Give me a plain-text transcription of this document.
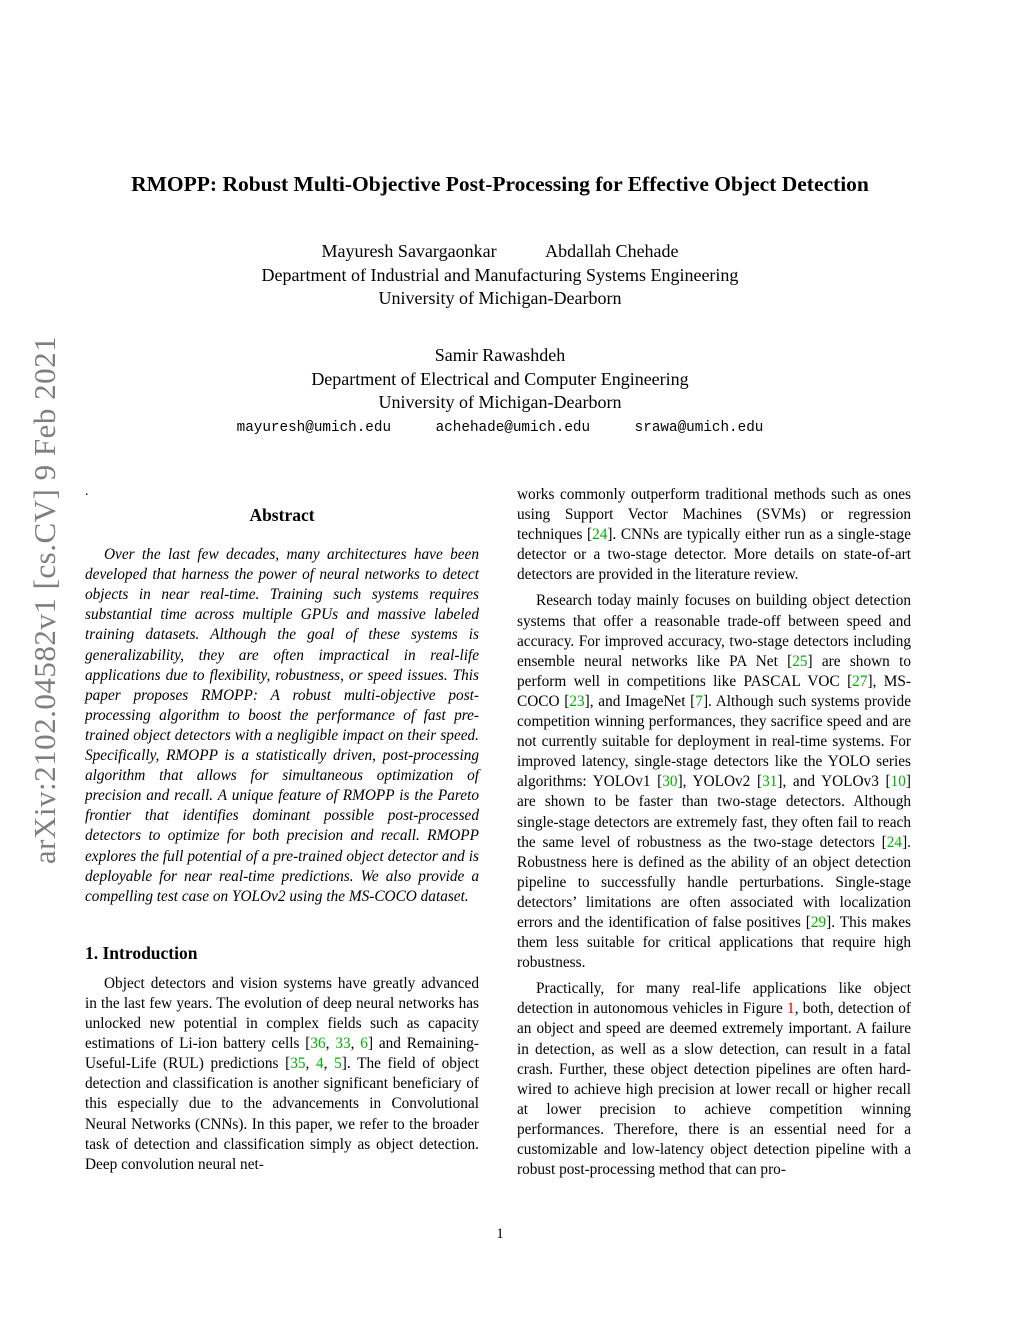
arXiv:2102.04582v1 [cs.CV] 9 Feb 2021
RMOPP: Robust Multi-Objective Post-Processing for Effective Object Detection
Mayuresh Savargaonkar	Abdallah Chehade
Department of Industrial and Manufacturing Systems Engineering
University of Michigan-Dearborn
Samir Rawashdeh
Department of Electrical and Computer Engineering
University of Michigan-Dearborn
mayuresh@umich.edu	achehade@umich.edu	srawa@umich.edu
.
Abstract

Over the last few decades, many architectures have been developed that harness the power of neural networks to detect objects in near real-time. Training such systems requires substantial time across multiple GPUs and massive labeled training datasets. Although the goal of these systems is generalizability, they are often impractical in real-life applications due to flexibility, robustness, or speed issues. This paper proposes RMOPP: A robust multi-objective post-processing algorithm to boost the performance of fast pre-trained object detectors with a negligible impact on their speed. Specifically, RMOPP is a statistically driven, post-processing algorithm that allows for simultaneous optimization of precision and recall. A unique feature of RMOPP is the Pareto frontier that identifies dominant possible post-processed detectors to optimize for both precision and recall. RMOPP explores the full potential of a pre-trained object detector and is deployable for near real-time predictions. We also provide a compelling test case on YOLOv2 using the MS-COCO dataset.

1. Introduction

Object detectors and vision systems have greatly advanced in the last few years. The evolution of deep neural networks has unlocked new potential in complex fields such as capacity estimations of Li-ion battery cells [36, 33, 6] and Remaining-Useful-Life (RUL) predictions [35, 4, 5]. The field of object detection and classification is another significant beneficiary of this especially due to the advancements in Convolutional Neural Networks (CNNs). In this paper, we refer to the broader task of detection and classification simply as object detection. Deep convolution neural net-

works commonly outperform traditional methods such as ones using Support Vector Machines (SVMs) or regression techniques [24]. CNNs are typically either run as a single-stage detector or a two-stage detector. More details on state-of-art detectors are provided in the literature review.

Research today mainly focuses on building object detection systems that offer a reasonable trade-off between speed and accuracy. For improved accuracy, two-stage detectors including ensemble neural networks like PA Net [25] are shown to perform well in competitions like PASCAL VOC [27], MS-COCO [23], and ImageNet [7]. Although such systems provide competition winning performances, they sacrifice speed and are not currently suitable for deployment in real-time systems. For improved latency, single-stage detectors like the YOLO series algorithms: YOLOv1 [30], YOLOv2 [31], and YOLOv3 [10] are shown to be faster than two-stage detectors. Although single-stage detectors are extremely fast, they often fail to reach the same level of robustness as the two-stage detectors [24]. Robustness here is defined as the ability of an object detection pipeline to successfully handle perturbations. Single-stage detectors’ limitations are often associated with localization errors and the identification of false positives [29]. This makes them less suitable for critical applications that require high robustness.

Practically, for many real-life applications like object detection in autonomous vehicles in Figure 1, both, detection of an object and speed are deemed extremely important. A failure in detection, as well as a slow detection, can result in a fatal crash. Further, these object detection pipelines are often hard-wired to achieve high precision at lower recall or higher recall at lower precision to achieve competition winning performances. Therefore, there is an essential need for a customizable and low-latency object detection pipeline with a robust post-processing method that can pro-

1
